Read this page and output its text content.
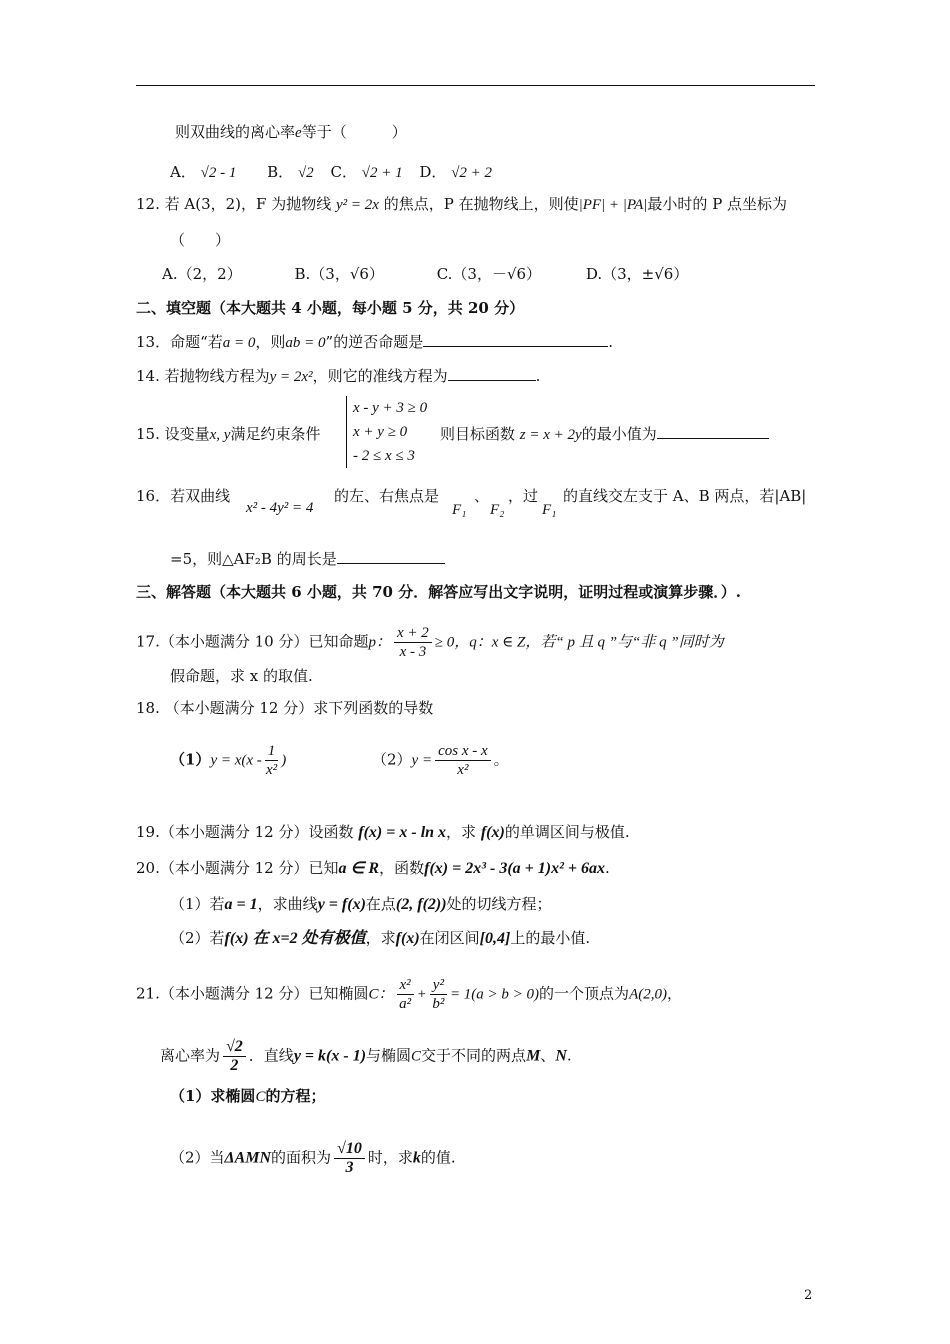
则双曲线的离心率e等于（　　　）
A． √2 - 1 B． √2 C． √2 + 1 D． √2 + 2
12. 若 A(3，2)，F 为抛物线 y² = 2x 的焦点，P 在抛物线上，则使|PF| + |PA|最小时的 P 点坐标为
（　　）
A.（2，2）	B.（3，√6）	C.（3，－√6）	D.（3，±√6）
二、填空题（本大题共 4 小题，每小题 5 分，共 20 分）
13．命题“若a = 0，则ab = 0”的逆否命题是	.
14. 若抛物线方程为y = 2x²，则它的准线方程为	.
15. 设变量x, y满足约束条件
x - y + 3 ≥ 0
x + y ≥ 0
- 2 ≤ x ≤ 3
则目标函数 z = x + 2y的最小值为
16．若双曲线
x² - 4y² = 4
的左、右焦点是
F₁
、
F₂
，过
F₁
的直线交左支于 A、B 两点，若|AB|
=5，则△AF₂B 的周长是
三、解答题（本大题共 6 小题，共 70 分．解答应写出文字说明，证明过程或演算步骤．）.
17.（本小题满分 10 分）已知命题p： $\frac{x + 2}{x - 3} \ge 0$，q：x ∈ Z，若“ p 且 q ”与“非 q ”同时为
假命题，求 x 的取值.
18. （本小题满分 12 分）求下列函数的导数
$(1)y = x(x - \frac{1}{\text{x²}}$ )	$(2)y = \frac{\text{cos x - x}}{\text{x²}}$ 。
19.（本小题满分 12 分）设函数 f(x) = x - ln x，求 f(x)的单调区间与极值.
20.（本小题满分 12 分）已知a ∈ R，函数f(x) = 2x³ - 3(a + 1)x² + 6ax.
（1）若a = 1，求曲线y = f(x)在点(2, f(2))处的切线方程；
（2）若f(x) 在 x=2 处有极值，求f(x)在闭区间[0,4]上的最小值.
21.（本小题满分 12 分）已知椭圆C： $\frac{\text{x²}}{\text{a²}} + \frac{\text{y²}}{\text{b²}} = 1(a > b > 0)$的一个顶点为A(2,0)，
离心率为 $\frac{√2}{2}$ ．直线y = k(x - 1)与椭圆C交于不同的两点M、N.
（1）求椭圆C的方程；
（2）当ΔAMN的面积为 $\frac{√10}{3}$ 时，求k的值.
2
